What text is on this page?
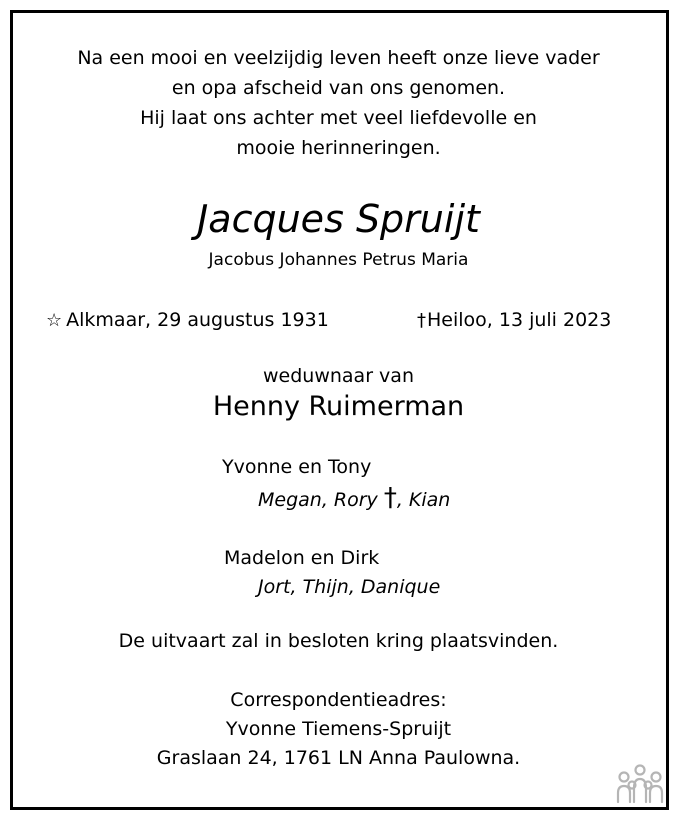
Na een mooi en veelzijdig leven heeft onze lieve vader
en opa afscheid van ons genomen.
Hij laat ons achter met veel liefdevolle en
mooie herinneringen.
Jacques Spruijt
Jacobus Johannes Petrus Maria
☆ Alkmaar, 29 augustus 1931	†Heiloo, 13 juli 2023
weduwnaar van
Henny Ruimerman
Yvonne en Tony
Megan, Rory †, Kian
Madelon en Dirk
Jort, Thijn, Danique
De uitvaart zal in besloten kring plaatsvinden.
Correspondentieadres:
Yvonne Tiemens-Spruijt
Graslaan 24, 1761 LN Anna Paulowna.
